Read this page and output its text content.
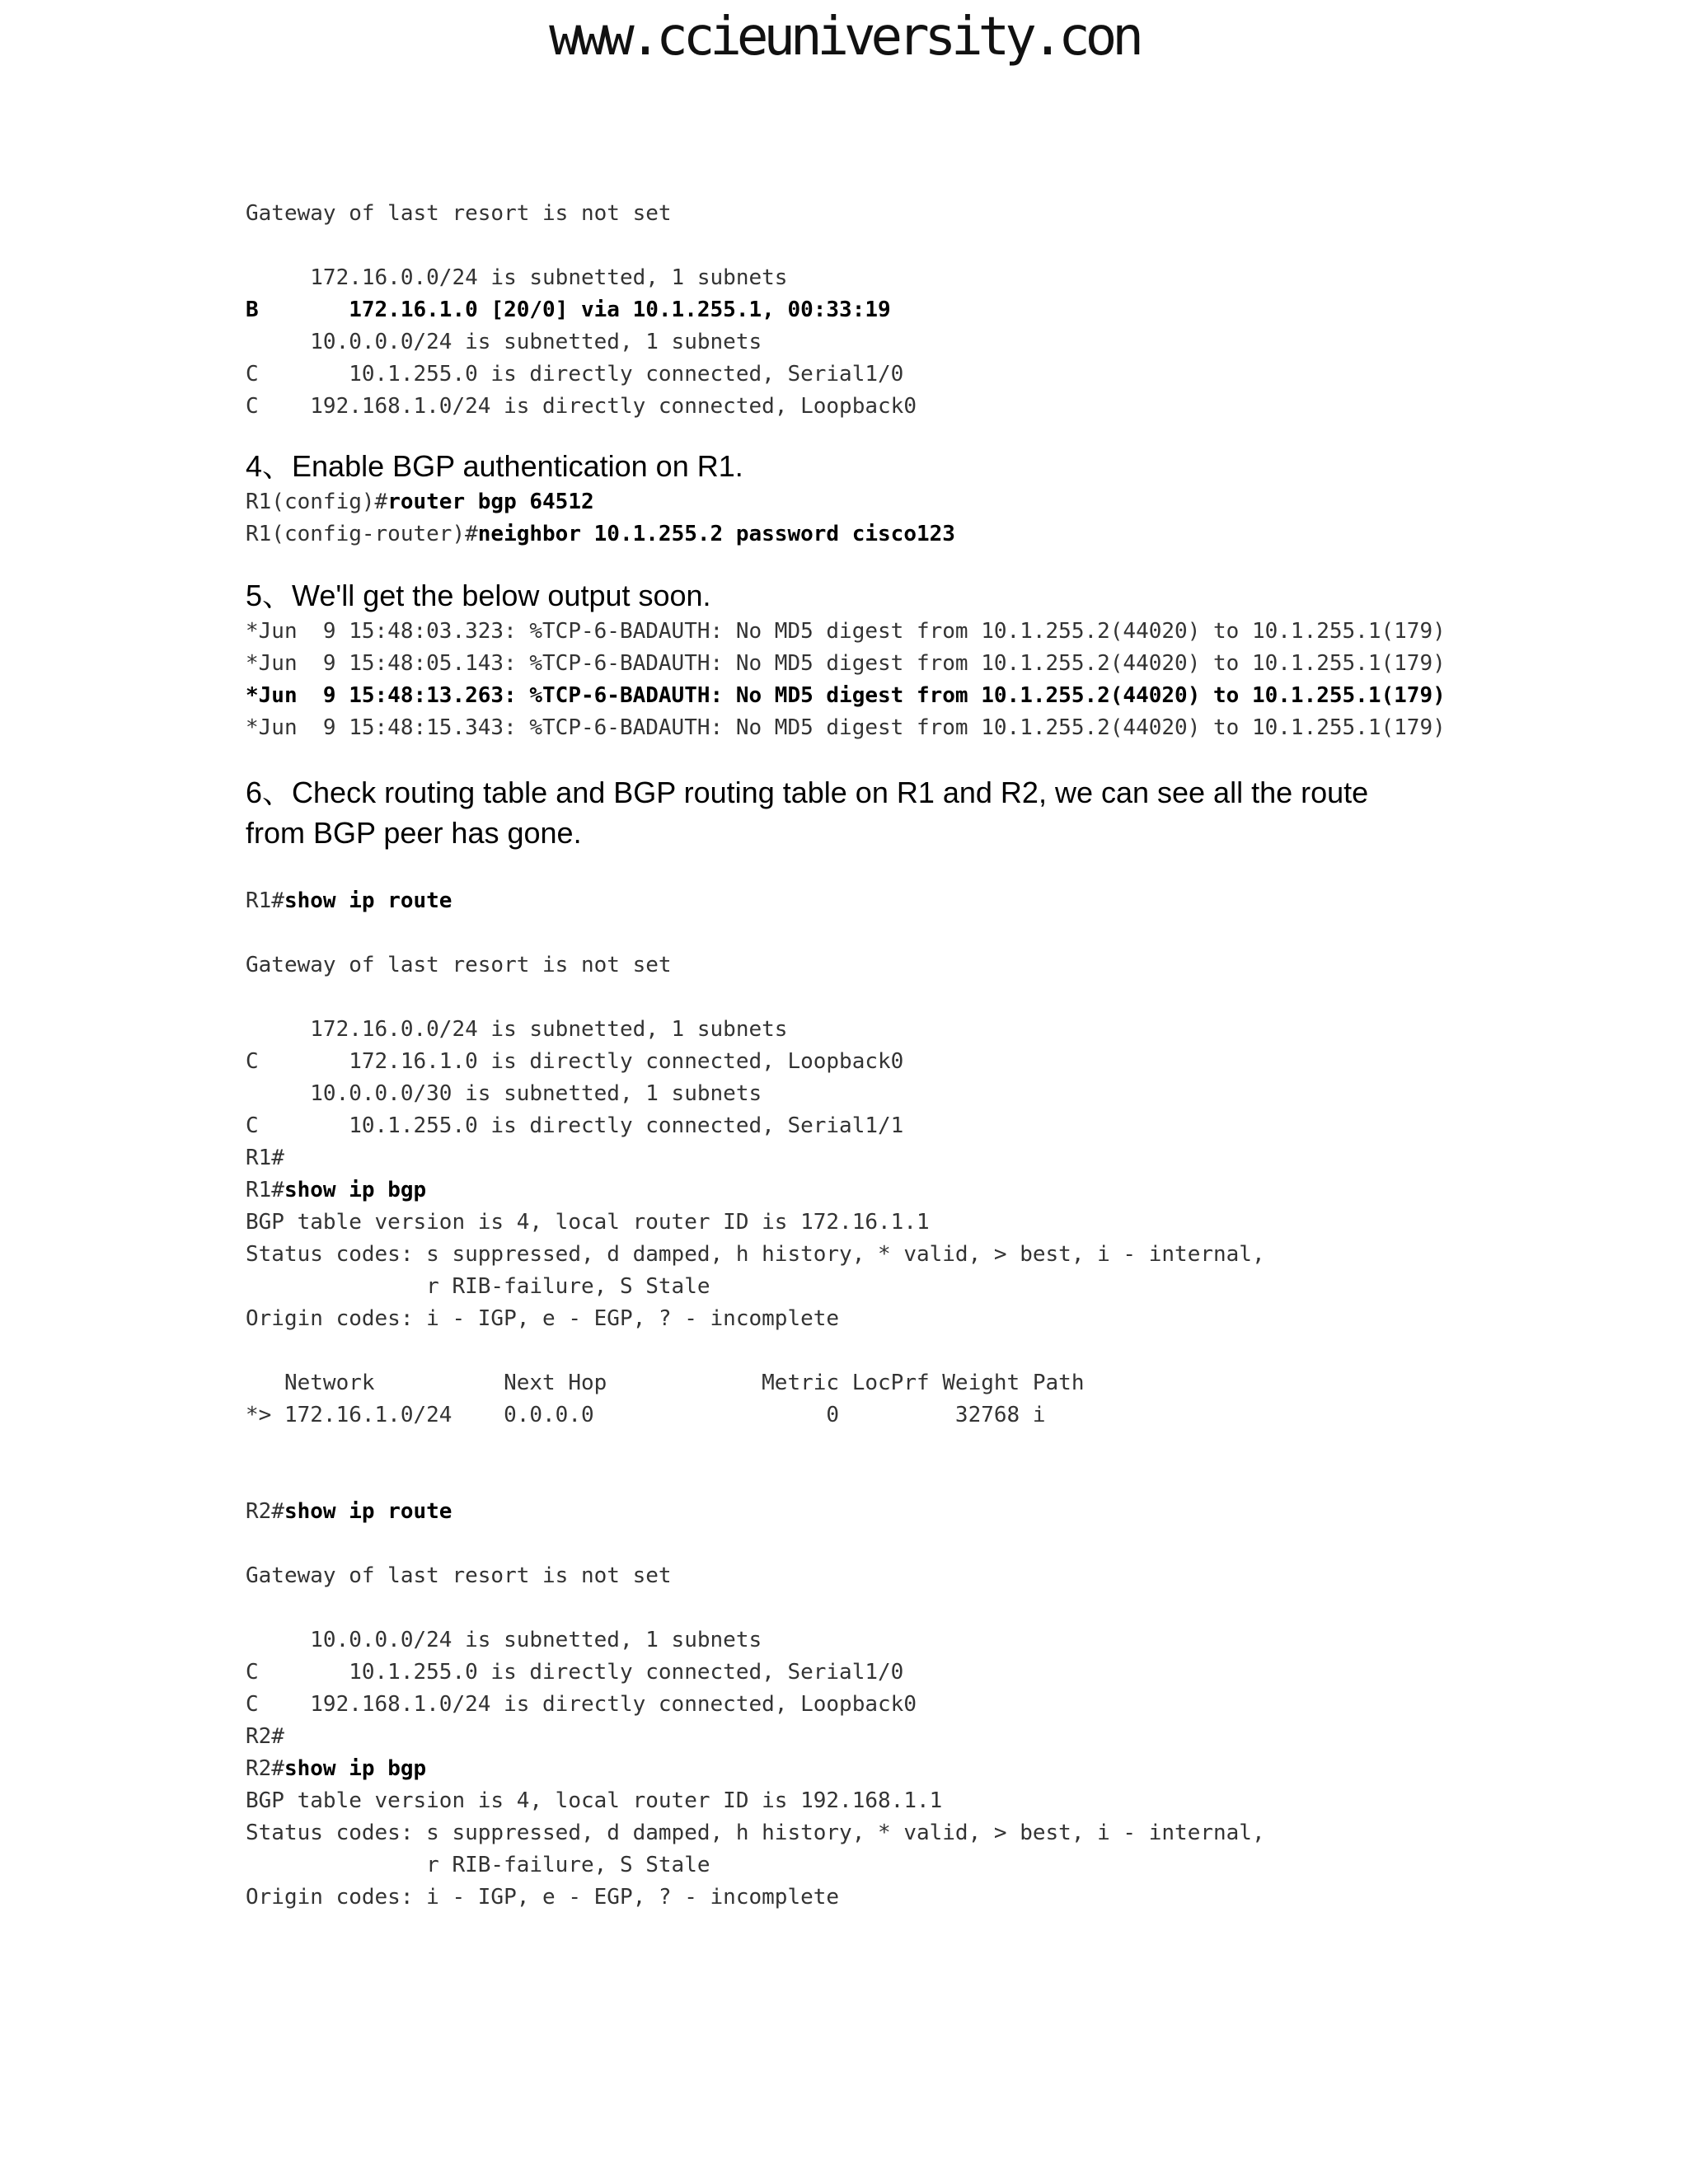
www.ccieuniversity.con
Gateway of last resort is not set
172.16.0.0/24 is subnetted, 1 subnets
B       172.16.1.0 [20/0] via 10.1.255.1, 00:33:19
10.0.0.0/24 is subnetted, 1 subnets
C       10.1.255.0 is directly connected, Serial1/0
C    192.168.1.0/24 is directly connected, Loopback0
4、Enable BGP authentication on R1.
R1(config)#router bgp 64512
R1(config-router)#neighbor 10.1.255.2 password cisco123
5、We'll get the below output soon.
*Jun  9 15:48:03.323: %TCP-6-BADAUTH: No MD5 digest from 10.1.255.2(44020) to 10.1.255.1(179)
*Jun  9 15:48:05.143: %TCP-6-BADAUTH: No MD5 digest from 10.1.255.2(44020) to 10.1.255.1(179)
*Jun  9 15:48:13.263: %TCP-6-BADAUTH: No MD5 digest from 10.1.255.2(44020) to 10.1.255.1(179)
*Jun  9 15:48:15.343: %TCP-6-BADAUTH: No MD5 digest from 10.1.255.2(44020) to 10.1.255.1(179)
6、Check routing table and BGP routing table on R1 and R2, we can see all the route from BGP peer has gone.
R1#show ip route
Gateway of last resort is not set
172.16.0.0/24 is subnetted, 1 subnets
C       172.16.1.0 is directly connected, Loopback0
10.0.0.0/30 is subnetted, 1 subnets
C       10.1.255.0 is directly connected, Serial1/1
R1#
R1#show ip bgp
BGP table version is 4, local router ID is 172.16.1.1
Status codes: s suppressed, d damped, h history, * valid, > best, i - internal,
r RIB-failure, S Stale
Origin codes: i - IGP, e - EGP, ? - incomplete
Network          Next Hop            Metric LocPrf Weight Path
*> 172.16.1.0/24    0.0.0.0                  0         32768 i
R2#show ip route
Gateway of last resort is not set
10.0.0.0/24 is subnetted, 1 subnets
C       10.1.255.0 is directly connected, Serial1/0
C    192.168.1.0/24 is directly connected, Loopback0
R2#
R2#show ip bgp
BGP table version is 4, local router ID is 192.168.1.1
Status codes: s suppressed, d damped, h history, * valid, > best, i - internal,
r RIB-failure, S Stale
Origin codes: i - IGP, e - EGP, ? - incomplete
